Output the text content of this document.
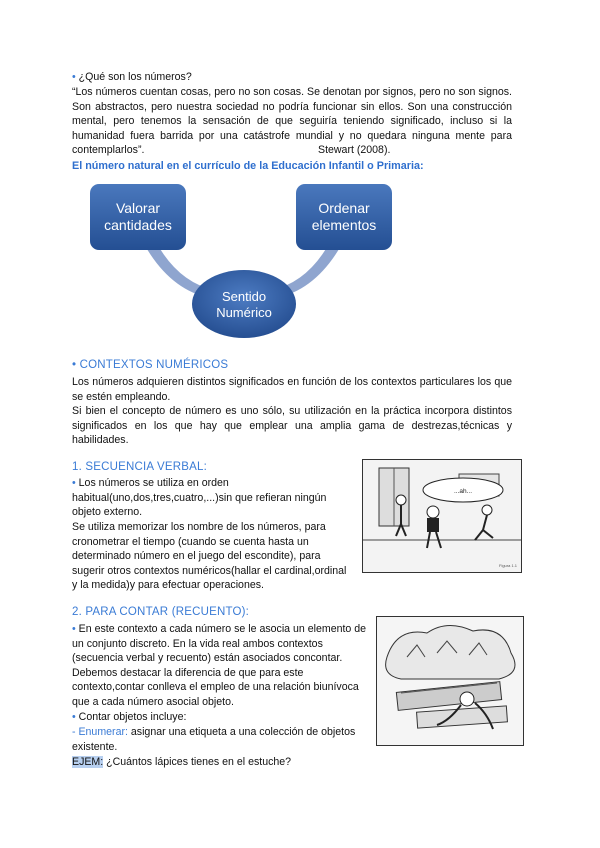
• ¿Qué son los números?

“Los números cuentan cosas, pero no son cosas. Se denotan por signos, pero no son signos. Son abstractos, pero nuestra sociedad no podría funcionar sin ellos. Son una construcción mental, pero tenemos la sensación de que seguiría teniendo significado, incluso si la humanidad fuera barrida por una catástrofe mundial y no quedara ninguna mente para contemplarlos”.	Stewart (2008).

El número natural en el currículo de la Educación Infantil o Primaria:
Valorar
cantidades
Ordenar
elementos
Sentido
Numérico
• CONTEXTOS NUMÉRICOS

Los números adquieren distintos significados en función de los contextos particulares los que se estén empleando.

Si bien el concepto de número es uno sólo, su utilización en la práctica incorpora distintos significados en los que hay que emplear una amplia gama de destrezas,técnicas y habilidades.

1. SECUENCIA VERBAL:

• Los números se utiliza en orden habitual(uno,dos,tres,cuatro,...)sin que refieran ningún objeto externo.

Se utiliza memorizar los nombre de los números, para cronometrar el tiempo (cuando se cuenta hasta un determinado número en el juego del escondite), para sugerir otros contextos numéricos(hallar el cardinal,ordinal y la medida)y para efectuar operaciones.

...ah...
Figura 1.1
2. PARA CONTAR (RECUENTO):

• En este contexto a cada número se le asocia un elemento de un conjunto discreto. En la vida real ambos contextos (secuencia verbal y recuento) están asociados concontar. Debemos destacar la diferencia de que para este contexto,contar conlleva el empleo de una relación biunívoca que a cada número asocial objeto.

• Contar objetos incluye:

- Enumerar: asignar una etiqueta a una colección de objetos existente.

EJEM: ¿Cuántos lápices tienes en el estuche?
